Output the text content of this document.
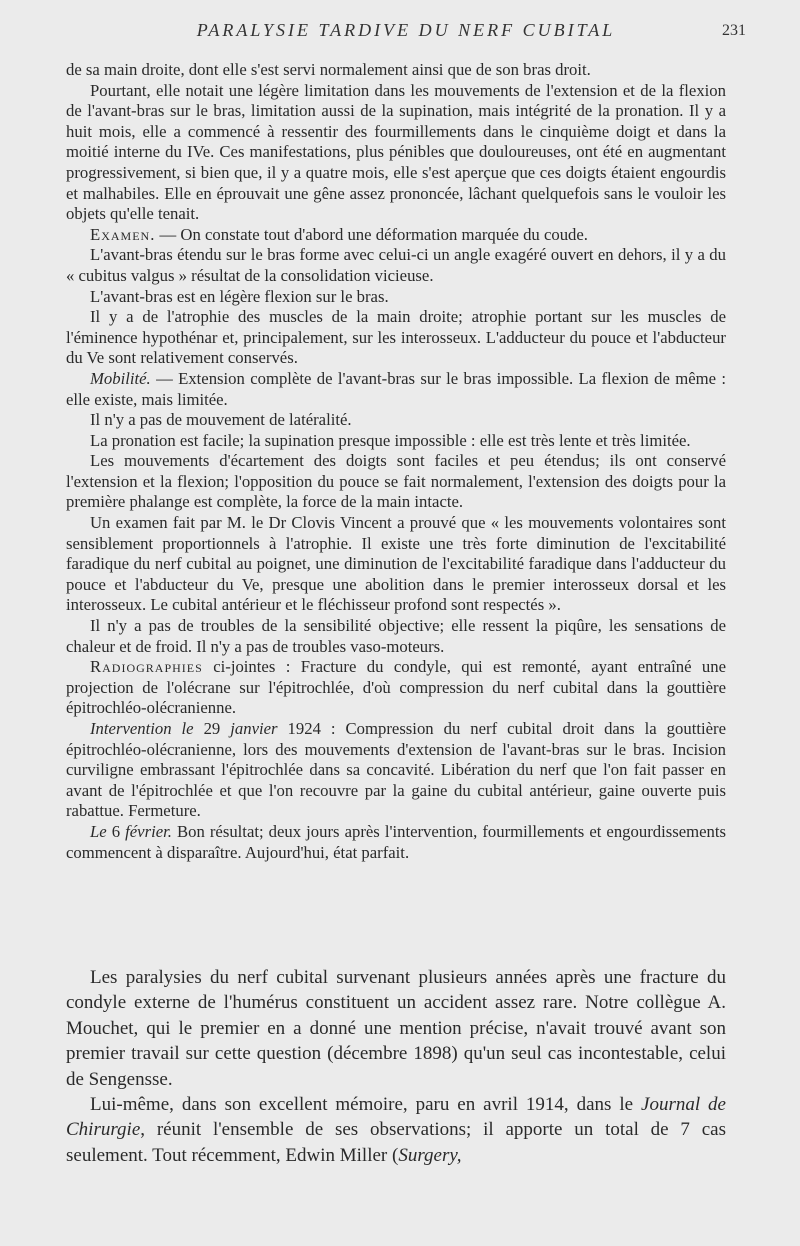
PARALYSIE TARDIVE DU NERF CUBITAL	231

de sa main droite, dont elle s'est servi normalement ainsi que de son bras droit.

Pourtant, elle notait une légère limitation dans les mouvements de l'extension et de la flexion de l'avant-bras sur le bras, limitation aussi de la supination, mais intégrité de la pronation. Il y a huit mois, elle a commencé à ressentir des fourmillements dans le cinquième doigt et dans la moitié interne du IVe. Ces manifestations, plus pénibles que douloureuses, ont été en augmentant progressivement, si bien que, il y a quatre mois, elle s'est aperçue que ces doigts étaient engourdis et malhabiles. Elle en éprouvait une gêne assez prononcée, lâchant quelquefois sans le vouloir les objets qu'elle tenait.

Examen. — On constate tout d'abord une déformation marquée du coude.

L'avant-bras étendu sur le bras forme avec celui-ci un angle exagéré ouvert en dehors, il y a du « cubitus valgus » résultat de la consolidation vicieuse.

L'avant-bras est en légère flexion sur le bras.

Il y a de l'atrophie des muscles de la main droite; atrophie portant sur les muscles de l'éminence hypothénar et, principalement, sur les interosseux. L'adducteur du pouce et l'abducteur du Ve sont relativement conservés.

Mobilité. — Extension complète de l'avant-bras sur le bras impossible. La flexion de même : elle existe, mais limitée.

Il n'y a pas de mouvement de latéralité.

La pronation est facile; la supination presque impossible : elle est très lente et très limitée.

Les mouvements d'écartement des doigts sont faciles et peu étendus; ils ont conservé l'extension et la flexion; l'opposition du pouce se fait normalement, l'extension des doigts pour la première phalange est complète, la force de la main intacte.

Un examen fait par M. le Dr Clovis Vincent a prouvé que « les mouvements volontaires sont sensiblement proportionnels à l'atrophie. Il existe une très forte diminution de l'excitabilité faradique du nerf cubital au poignet, une diminution de l'excitabilité faradique dans l'adducteur du pouce et l'abducteur du Ve, presque une abolition dans le premier interosseux dorsal et les interosseux. Le cubital antérieur et le fléchisseur profond sont respectés ».

Il n'y a pas de troubles de la sensibilité objective; elle ressent la piqûre, les sensations de chaleur et de froid. Il n'y a pas de troubles vaso-moteurs.

Radiographies ci-jointes : Fracture du condyle, qui est remonté, ayant entraîné une projection de l'olécrane sur l'épitrochlée, d'où compression du nerf cubital dans la gouttière épitrochléo-olécranienne.

Intervention le 29 janvier 1924 : Compression du nerf cubital droit dans la gouttière épitrochléo-olécranienne, lors des mouvements d'extension de l'avant-bras sur le bras. Incision curviligne embrassant l'épitrochlée dans sa concavité. Libération du nerf que l'on fait passer en avant de l'épitrochlée et que l'on recouvre par la gaine du cubital antérieur, gaine ouverte puis rabattue. Fermeture.

Le 6 février. Bon résultat; deux jours après l'intervention, fourmillements et engourdissements commencent à disparaître. Aujourd'hui, état parfait.

Les paralysies du nerf cubital survenant plusieurs années après une fracture du condyle externe de l'humérus constituent un accident assez rare. Notre collègue A. Mouchet, qui le premier en a donné une mention précise, n'avait trouvé avant son premier travail sur cette question (décembre 1898) qu'un seul cas incontestable, celui de Sengensse.

Lui-même, dans son excellent mémoire, paru en avril 1914, dans le Journal de Chirurgie, réunit l'ensemble de ses observations; il apporte un total de 7 cas seulement. Tout récemment, Edwin Miller (Surgery,
